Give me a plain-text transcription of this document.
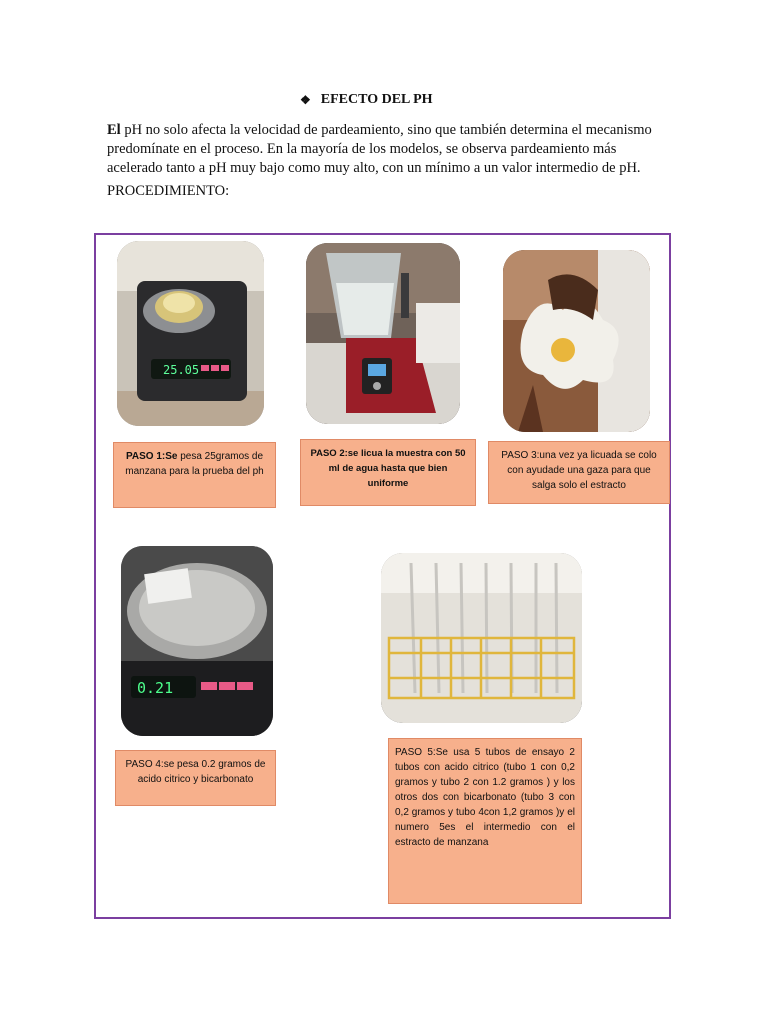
❖ EFECTO DEL PH
El pH no solo afecta la velocidad de pardeamiento, sino que también determina el mecanismo predomínate en el proceso. En la mayoría de los modelos, se observa pardeamiento más acelerado tanto a pH muy bajo como muy alto, con un mínimo a un valor intermedio de pH.
PROCEDIMIENTO:
25.05
PASO 1:Se pesa 25gramos de manzana para la prueba del ph
PASO 2:se licua la muestra con 50 ml de agua hasta que bien uniforme
PASO 3:una vez ya licuada se colo con ayudade una gaza para que salga solo el estracto
0.21
PASO 4:se pesa 0.2 gramos de acido citrico y bicarbonato
PASO 5:Se usa 5 tubos de ensayo 2 tubos con acido citrico (tubo 1 con 0,2 gramos y tubo 2 con 1.2 gramos ) y los otros dos con bicarbonato (tubo 3 con 0,2 gramos y tubo 4con 1,2 gramos )y el numero 5es el intermedio con el estracto de manzana
